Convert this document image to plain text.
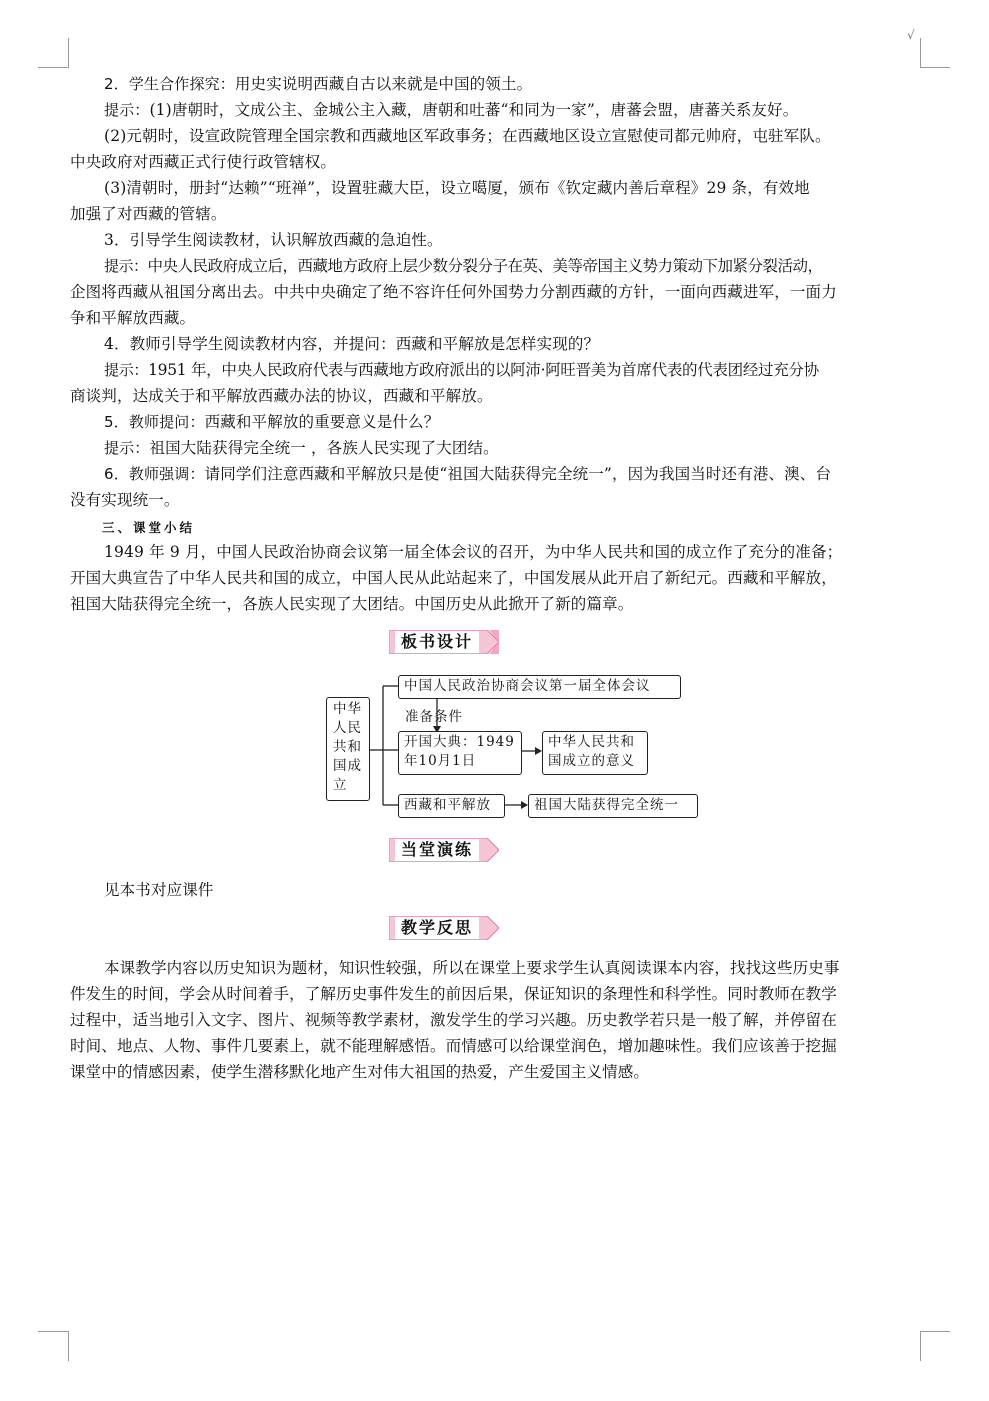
√
2．学生合作探究：用史实说明西藏自古以来就是中国的领土。
提示：(1)唐朝时，文成公主、金城公主入藏，唐朝和吐蕃“和同为一家”，唐蕃会盟，唐蕃关系友好。
(2)元朝时，设宣政院管理全国宗教和西藏地区军政事务；在西藏地区设立宣慰使司都元帅府，屯驻军队。
中央政府对西藏正式行使行政管辖权。
(3)清朝时，册封“达赖”“班禅”，设置驻藏大臣，设立噶厦，颁布《钦定藏内善后章程》29 条，有效地
加强了对西藏的管辖。
3．引导学生阅读教材，认识解放西藏的急迫性。
提示：中央人民政府成立后，西藏地方政府上层少数分裂分子在英、美等帝国主义势力策动下加紧分裂活动，
企图将西藏从祖国分离出去。中共中央确定了绝不容许任何外国势力分割西藏的方针，一面向西藏进军，一面力
争和平解放西藏。
4．教师引导学生阅读教材内容，并提问：西藏和平解放是怎样实现的？
提示：1951 年，中央人民政府代表与西藏地方政府派出的以阿沛·阿旺晋美为首席代表的代表团经过充分协
商谈判，达成关于和平解放西藏办法的协议，西藏和平解放。
5．教师提问：西藏和平解放的重要意义是什么？
提示：祖国大陆获得完全统一 ，各族人民实现了大团结。
6．教师强调：请同学们注意西藏和平解放只是使“祖国大陆获得完全统一”，因为我国当时还有港、澳、台
没有实现统一。
三、课堂小结
1949 年 9 月，中国人民政治协商会议第一届全体会议的召开，为中华人民共和国的成立作了充分的准备；
开国大典宣告了中华人民共和国的成立，中国人民从此站起来了，中国发展从此开启了新纪元。西藏和平解放，
祖国大陆获得完全统一，各族人民实现了大团结。中国历史从此掀开了新的篇章。
板书设计
中华人民共和国成立
中国人民政治协商会议第一届全体会议
准备条件
开国大典：1949年10月1日
中华人民共和国成立的意义
西藏和平解放	祖国大陆获得完全统一
当堂演练
见本书对应课件
教学反思
本课教学内容以历史知识为题材，知识性较强，所以在课堂上要求学生认真阅读课本内容，找找这些历史事
件发生的时间，学会从时间着手，了解历史事件发生的前因后果，保证知识的条理性和科学性。同时教师在教学
过程中，适当地引入文字、图片、视频等教学素材，激发学生的学习兴趣。历史教学若只是一般了解，并停留在
时间、地点、人物、事件几要素上，就不能理解感悟。而情感可以给课堂润色，增加趣味性。我们应该善于挖掘
课堂中的情感因素，使学生潜移默化地产生对伟大祖国的热爱，产生爱国主义情感。
